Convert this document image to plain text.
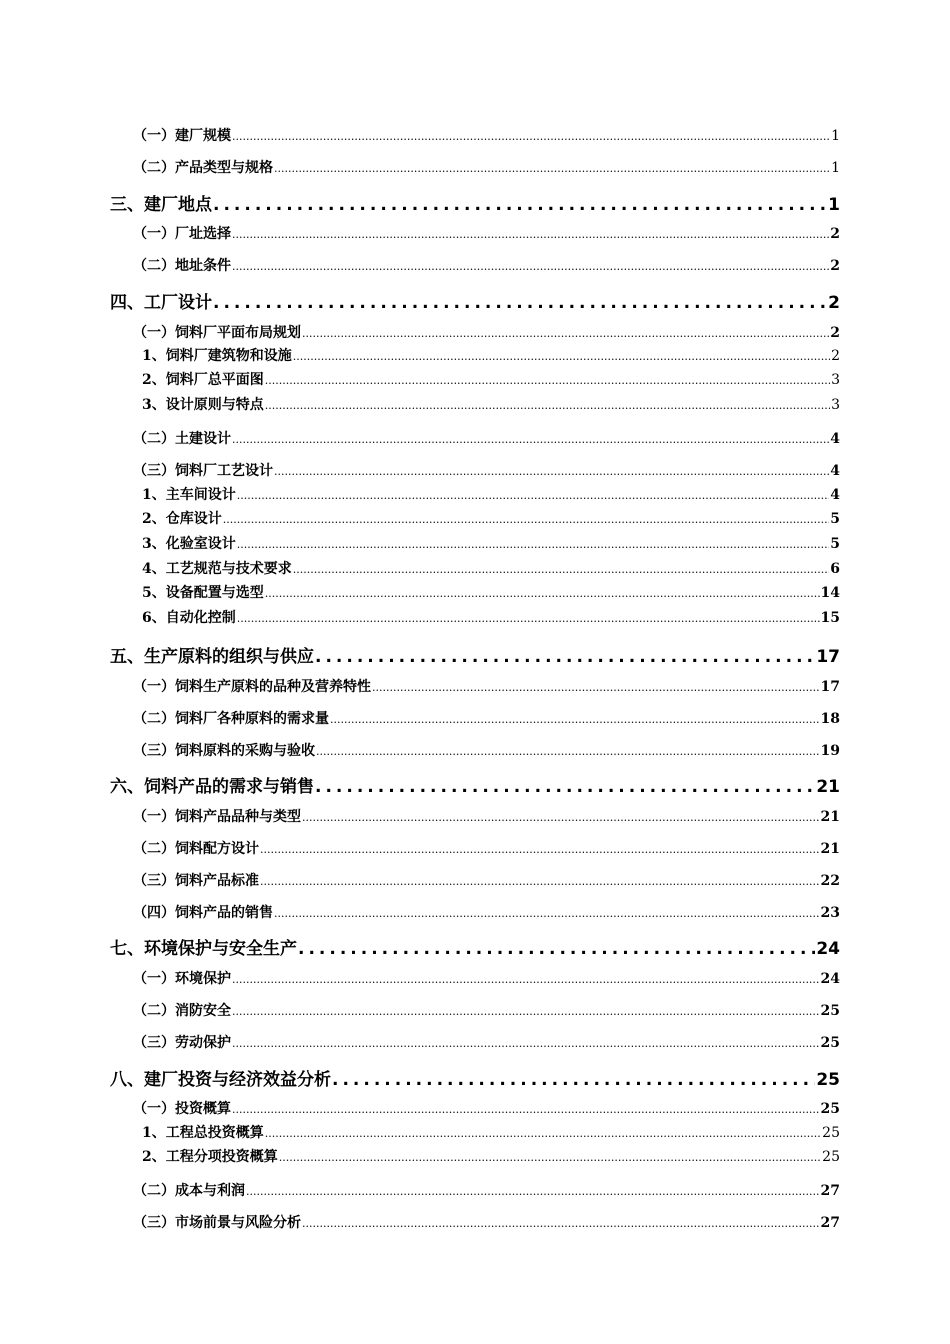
（一）建厂规模 .....	1
（二）产品类型与规格 .....	1
三、建厂地点 .....	1
（一）厂址选择 .....	2
（二）地址条件 .....	2
四、工厂设计 .....	2
（一）饲料厂平面布局规划 .....	2
1、饲料厂建筑物和设施 .....	2
2、饲料厂总平面图 .....	3
3、设计原则与特点 .....	3
（二）土建设计 .....	4
（三）饲料厂工艺设计 .....	4
1、主车间设计 .....	4
2、仓库设计 .....	5
3、化验室设计 .....	5
4、工艺规范与技术要求 .....	6
5、设备配置与选型 .....	14
6、自动化控制 .....	15
五、生产原料的组织与供应 .....	17
（一）饲料生产原料的品种及营养特性 .....	17
（二）饲料厂各种原料的需求量 .....	18
（三）饲料原料的采购与验收 .....	19
六、饲料产品的需求与销售 .....	21
（一）饲料产品品种与类型 .....	21
（二）饲料配方设计 .....	21
（三）饲料产品标准 .....	22
（四）饲料产品的销售 .....	23
七、环境保护与安全生产 .....	24
（一）环境保护 .....	24
（二）消防安全 .....	25
（三）劳动保护 .....	25
八、建厂投资与经济效益分析 .....	25
（一）投资概算 .....	25
1、工程总投资概算 .....	25
2、工程分项投资概算 .....	25
（二）成本与利润 .....	27
（三）市场前景与风险分析 .....	27
